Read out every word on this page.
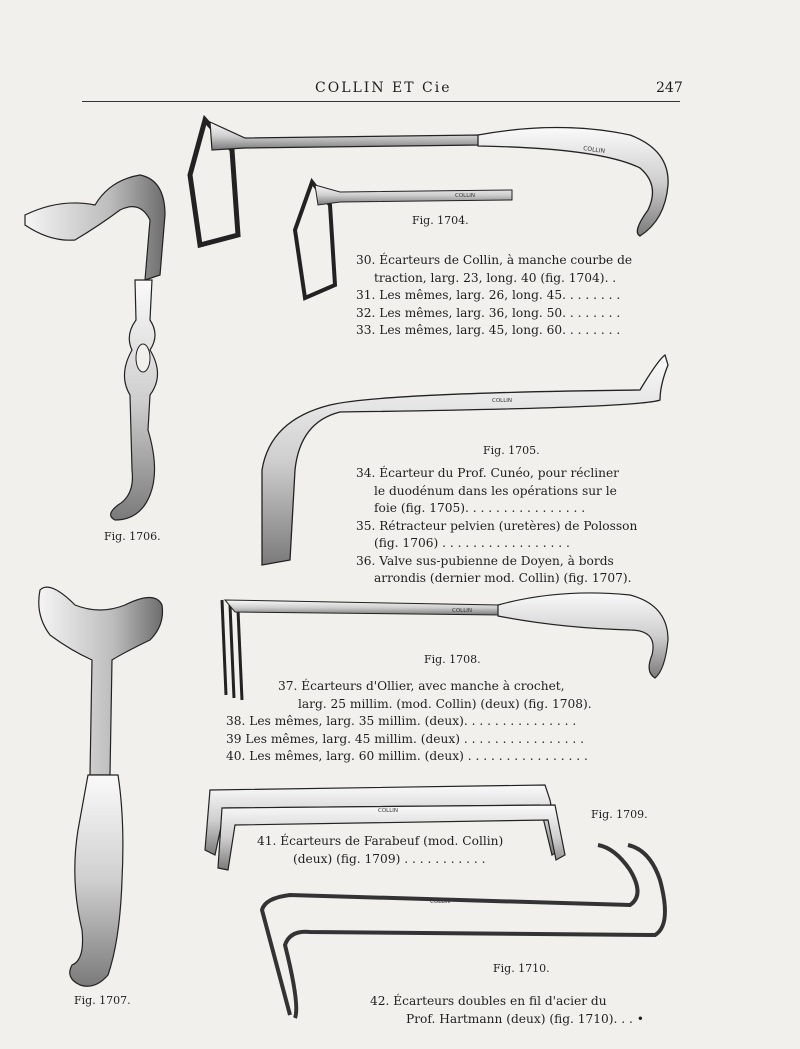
COLLIN ET Cie	247
COLLIN
COLLIN
COLLIN
COLLIN
COLLIN
COLLIN
Fig. 1704.
Fig. 1705.
Fig. 1706.
Fig. 1707.
Fig. 1708.
Fig. 1709.
Fig. 1710.
30. Écarteurs de Collin, à manche courbe de
traction, larg. 23, long. 40 (fig. 1704). .
31. Les mêmes, larg. 26, long. 45. . . . . . . .
32. Les mêmes, larg. 36, long. 50. . . . . . . .
33. Les mêmes, larg. 45, long. 60. . . . . . . .
34. Écarteur du Prof. Cunéo, pour récliner
le duodénum dans les opérations sur le
foie (fig. 1705). . . . . . . . . . . . . . . .
35. Rétracteur pelvien (uretères) de Polosson
(fig. 1706) . . . . . . . . . . . . . . . . .
36. Valve sus-pubienne de Doyen, à bords
arrondis (dernier mod. Collin) (fig. 1707).
37. Écarteurs d'Ollier, avec manche à crochet,
larg. 25 millim. (mod. Collin) (deux) (fig. 1708).
38. Les mêmes, larg. 35 millim. (deux). . . . . . . . . . . . . . .
39 Les mêmes, larg. 45 millim. (deux) . . . . . . . . . . . . . . . .
40. Les mêmes, larg. 60 millim. (deux) . . . . . . . . . . . . . . . .
41. Écarteurs de Farabeuf (mod. Collin)
(deux) (fig. 1709) . . . . . . . . . . .
42. Écarteurs doubles en fil d'acier du
Prof. Hartmann (deux) (fig. 1710). . . •
